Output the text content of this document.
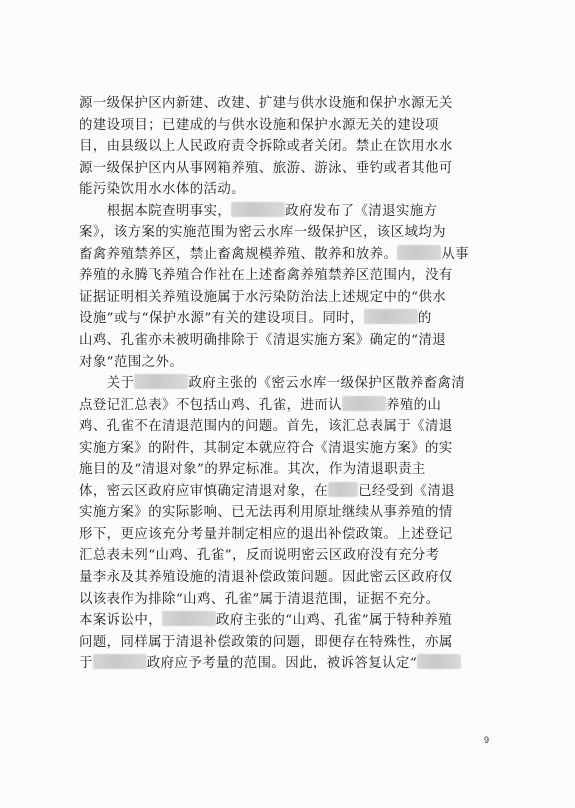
源一级保护区内新建、改建、扩建与供水设施和保护水源无关
的建设项目；已建成的与供水设施和保护水源无关的建设项
目，由县级以上人民政府责令拆除或者关闭。禁止在饮用水水
源一级保护区内从事网箱养殖、旅游、游泳、垂钓或者其他可
能污染饮用水水体的活动。
  根据本院查明事实，	政府发布了《清退实施方
案》，该方案的实施范围为密云水库一级保护区，该区域均为
畜禽养殖禁养区，禁止畜禽规模养殖、散养和放养。	从事
养殖的永腾飞养殖合作社在上述畜禽养殖禁养区范围内，没有
证据证明相关养殖设施属于水污染防治法上述规定中的“供水
设施”或与“保护水源”有关的建设项目。同时，	的
山鸡、孔雀亦未被明确排除于《清退实施方案》确定的“清退
对象”范围之外。
  关于	政府主张的《密云水库一级保护区散养畜禽清
点登记汇总表》不包括山鸡、孔雀，进而认	养殖的山
鸡、孔雀不在清退范围内的问题。首先，该汇总表属于《清退
实施方案》的附件，其制定本就应符合《清退实施方案》的实
施目的及“清退对象”的界定标准。其次，作为清退职责主
体，密云区政府应审慎确定清退对象，在 已经受到《清退
实施方案》的实际影响、已无法再利用原址继续从事养殖的情
形下，更应该充分考量并制定相应的退出补偿政策。上述登记
汇总表未列“山鸡、孔雀”，反而说明密云区政府没有充分考
量李永及其养殖设施的清退补偿政策问题。因此密云区政府仅
以该表作为排除“山鸡、孔雀”属于清退范围，证据不充分。
本案诉讼中，	政府主张的“山鸡、孔雀”属于特种养殖
问题，同样属于清退补偿政策的问题，即便存在特殊性，亦属
于	政府应予考量的范围。因此，被诉答复认定“
9
